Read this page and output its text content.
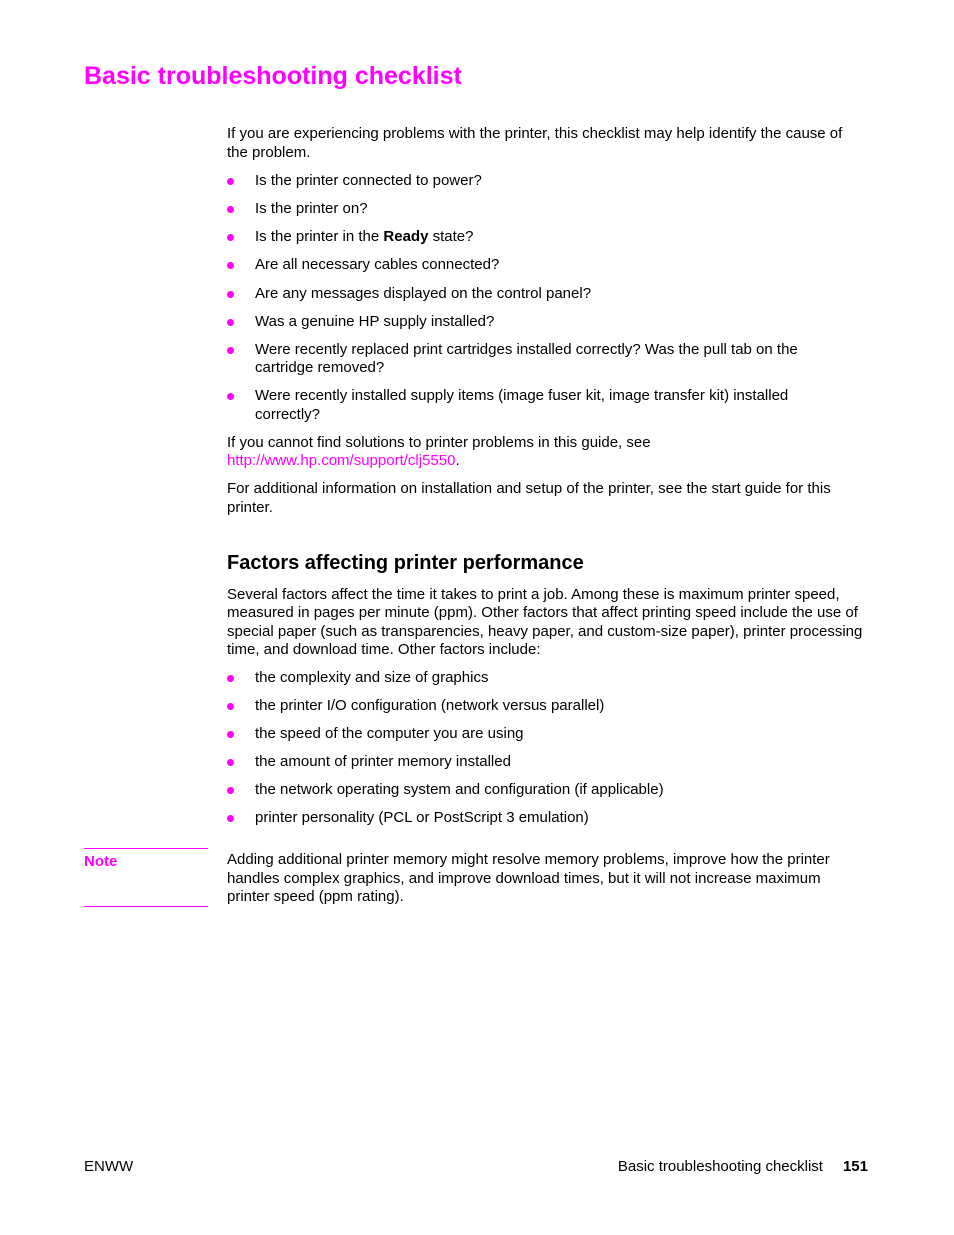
Basic troubleshooting checklist

If you are experiencing problems with the printer, this checklist may help identify the cause of the problem.

Is the printer connected to power?
Is the printer on?
Is the printer in the Ready state?
Are all necessary cables connected?
Are any messages displayed on the control panel?
Was a genuine HP supply installed?
Were recently replaced print cartridges installed correctly? Was the pull tab on the cartridge removed?
Were recently installed supply items (image fuser kit, image transfer kit) installed correctly?

If you cannot find solutions to printer problems in this guide, see http://www.hp.com/support/clj5550.

For additional information on installation and setup of the printer, see the start guide for this printer.

Factors affecting printer performance

Several factors affect the time it takes to print a job. Among these is maximum printer speed, measured in pages per minute (ppm). Other factors that affect printing speed include the use of special paper (such as transparencies, heavy paper, and custom-size paper), printer processing time, and download time. Other factors include:

the complexity and size of graphics
the printer I/O configuration (network versus parallel)
the speed of the computer you are using
the amount of printer memory installed
the network operating system and configuration (if applicable)
printer personality (PCL or PostScript 3 emulation)
Note	Adding additional printer memory might resolve memory problems, improve how the printer handles complex graphics, and improve download times, but it will not increase maximum printer speed (ppm rating).

ENWW	Basic troubleshooting checklist 151
